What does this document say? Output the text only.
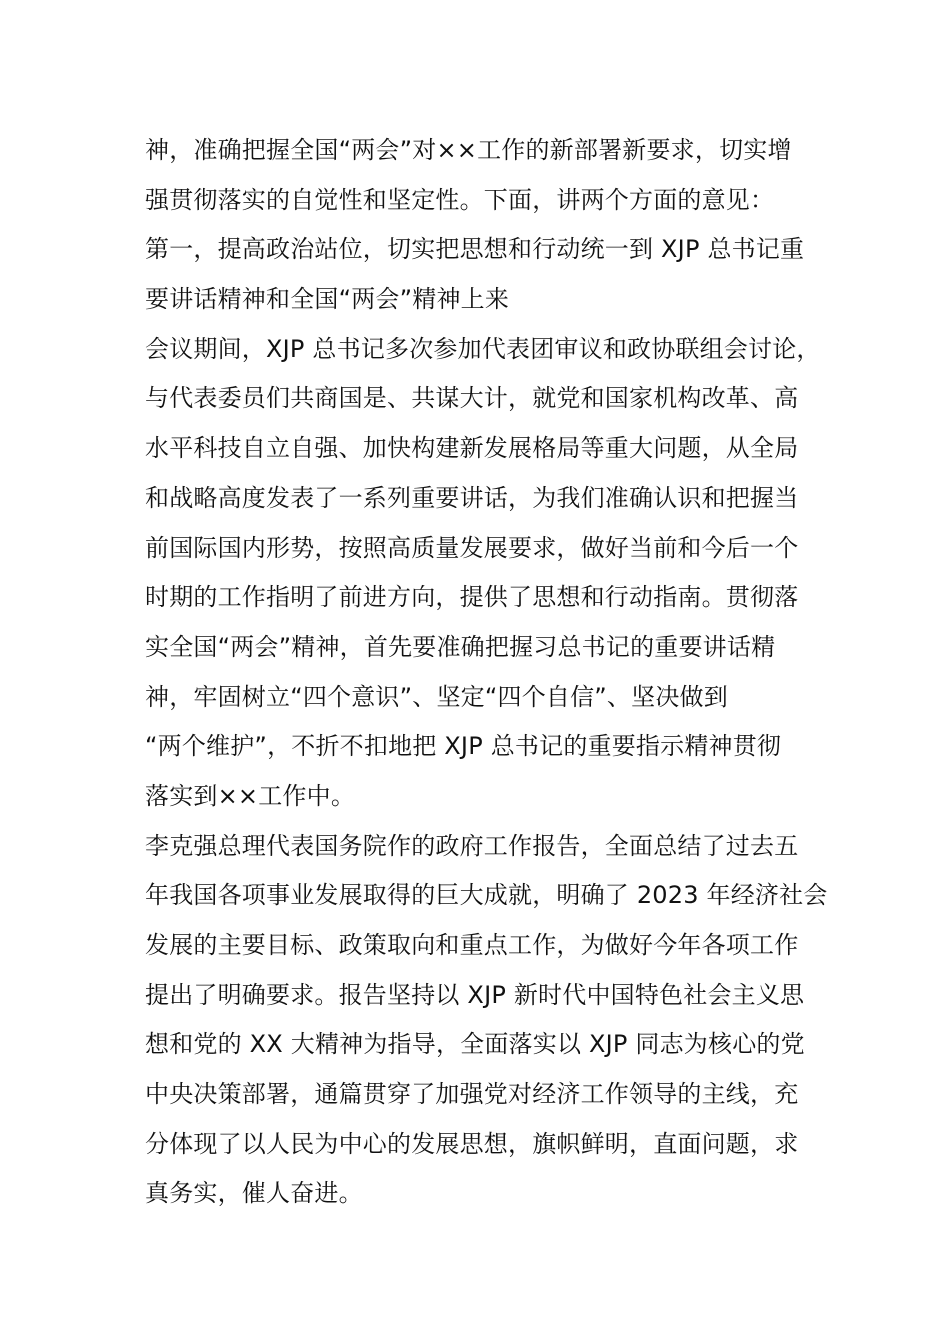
神，准确把握全国“两会”对××工作的新部署新要求，切实增
强贯彻落实的自觉性和坚定性。下面，讲两个方面的意见：
第一，提高政治站位，切实把思想和行动统一到 XJP 总书记重
要讲话精神和全国“两会”精神上来
会议期间，XJP 总书记多次参加代表团审议和政协联组会讨论，
与代表委员们共商国是、共谋大计，就党和国家机构改革、高
水平科技自立自强、加快构建新发展格局等重大问题，从全局
和战略高度发表了一系列重要讲话，为我们准确认识和把握当
前国际国内形势，按照高质量发展要求，做好当前和今后一个
时期的工作指明了前进方向，提供了思想和行动指南。贯彻落
实全国“两会”精神，首先要准确把握习总书记的重要讲话精
神，牢固树立“四个意识”、坚定“四个自信”、坚决做到
“两个维护”，不折不扣地把 XJP 总书记的重要指示精神贯彻
落实到××工作中。
李克强总理代表国务院作的政府工作报告，全面总结了过去五
年我国各项事业发展取得的巨大成就，明确了 2023 年经济社会
发展的主要目标、政策取向和重点工作，为做好今年各项工作
提出了明确要求。报告坚持以 XJP 新时代中国特色社会主义思
想和党的 XX 大精神为指导，全面落实以 XJP 同志为核心的党
中央决策部署，通篇贯穿了加强党对经济工作领导的主线，充
分体现了以人民为中心的发展思想，旗帜鲜明，直面问题，求
真务实，催人奋进。
